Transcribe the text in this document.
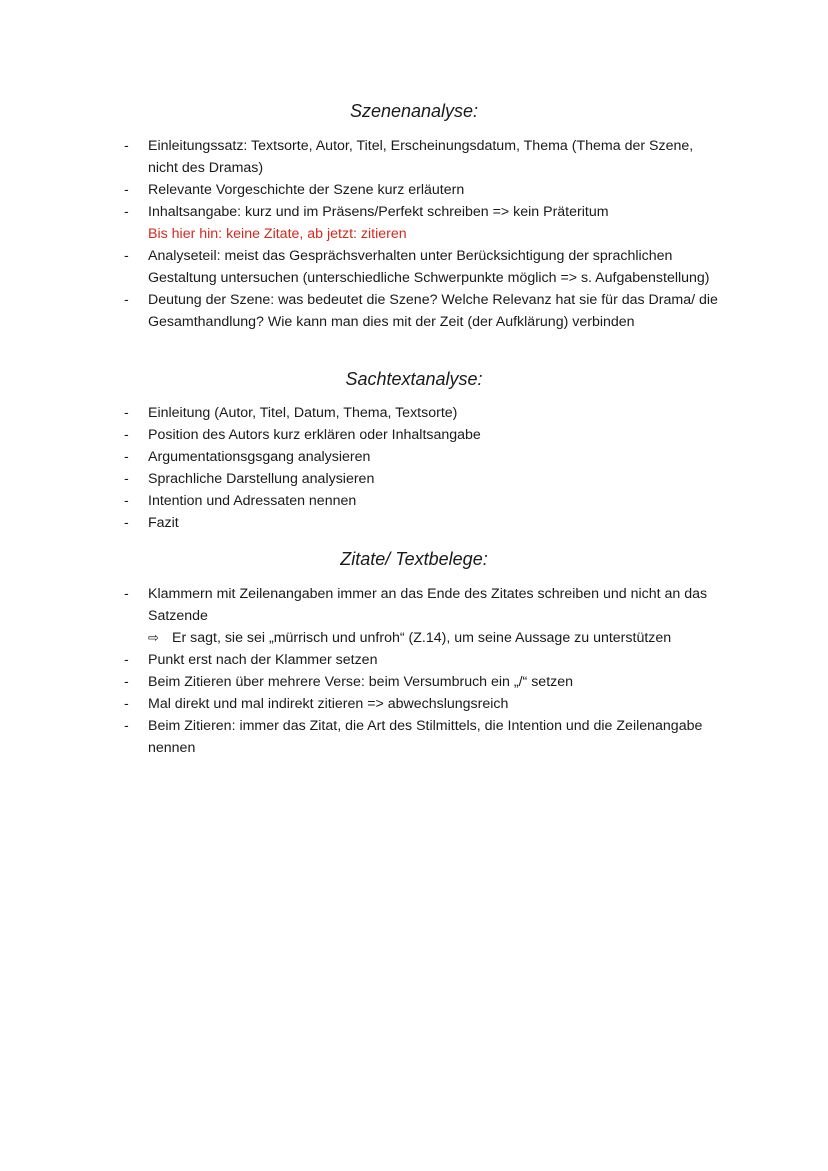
Szenenanalyse:
-	Einleitungssatz: Textsorte, Autor, Titel, Erscheinungsdatum, Thema (Thema der Szene, nicht des Dramas)
-	Relevante Vorgeschichte der Szene kurz erläutern
-	Inhaltsangabe: kurz und im Präsens/Perfekt schreiben => kein Präteritum
Bis hier hin: keine Zitate, ab jetzt: zitieren
-	Analyseteil: meist das Gesprächsverhalten unter Berücksichtigung der sprachlichen Gestaltung untersuchen (unterschiedliche Schwerpunkte möglich => s. Aufgabenstellung)
-	Deutung der Szene: was bedeutet die Szene? Welche Relevanz hat sie für das Drama/ die Gesamthandlung? Wie kann man dies mit der Zeit (der Aufklärung) verbinden
Sachtextanalyse:
-	Einleitung (Autor, Titel, Datum, Thema, Textsorte)
-	Position des Autors kurz erklären oder Inhaltsangabe
-	Argumentationsgsgang analysieren
-	Sprachliche Darstellung analysieren
-	Intention und Adressaten nennen
-	Fazit
Zitate/ Textbelege:
-	Klammern mit Zeilenangaben immer an das Ende des Zitates schreiben und nicht an das Satzende
⇨ Er sagt, sie sei „mürrisch und unfroh“ (Z.14), um seine Aussage zu unterstützen
-	Punkt erst nach der Klammer setzen
-	Beim Zitieren über mehrere Verse: beim Versumbruch ein „/“ setzen
-	Mal direkt und mal indirekt zitieren => abwechslungsreich
-	Beim Zitieren: immer das Zitat, die Art des Stilmittels, die Intention und die Zeilenangabe nennen
